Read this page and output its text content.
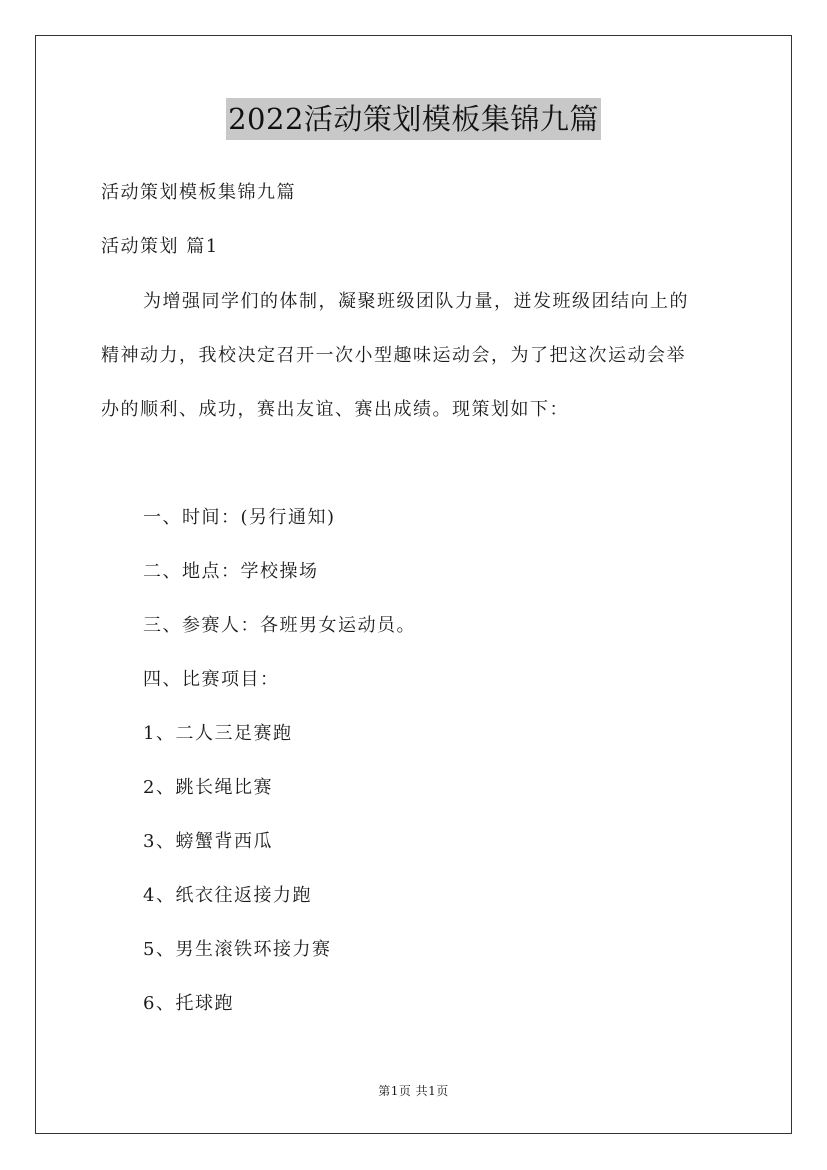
2022活动策划模板集锦九篇
活动策划模板集锦九篇
活动策划 篇1
为增强同学们的体制，凝聚班级团队力量，迸发班级团结向上的
精神动力，我校决定召开一次小型趣味运动会，为了把这次运动会举
办的顺利、成功，赛出友谊、赛出成绩。现策划如下：
一、时间：(另行通知)
二、地点：学校操场
三、参赛人：各班男女运动员。
四、比赛项目：
1、二人三足赛跑
2、跳长绳比赛
3、螃蟹背西瓜
4、纸衣往返接力跑
5、男生滚铁环接力赛
6、托球跑
第1页 共1页
